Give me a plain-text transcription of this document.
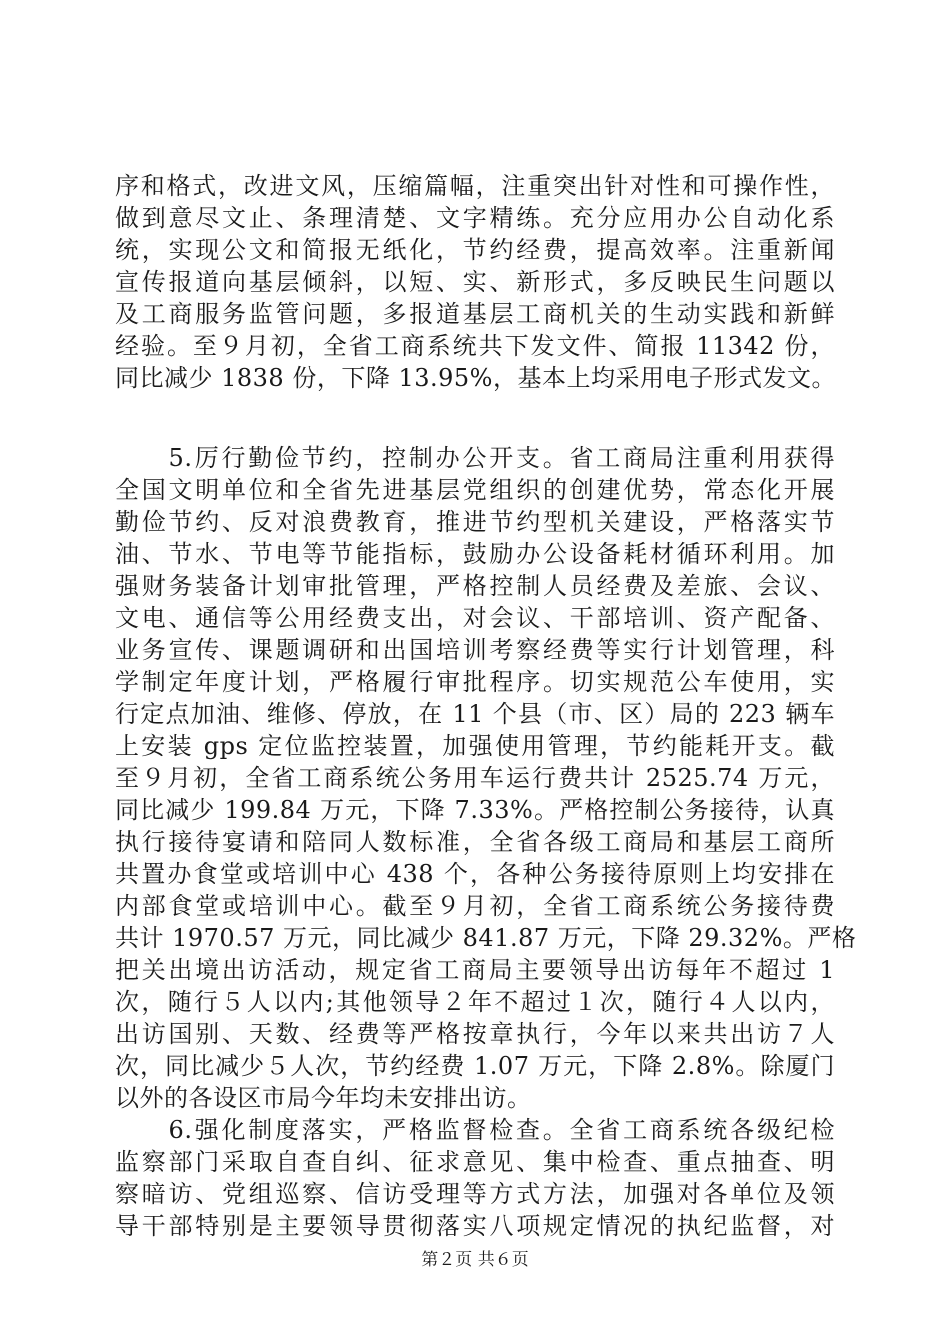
序和格式，改进文风，压缩篇幅，注重突出针对性和可操作性，
做到意尽文止、条理清楚、文字精练。充分应用办公自动化系
统，实现公文和简报无纸化，节约经费，提高效率。注重新闻
宣传报道向基层倾斜，以短、实、新形式，多反映民生问题以
及工商服务监管问题，多报道基层工商机关的生动实践和新鲜
经验。至９月初，全省工商系统共下发文件、简报 11342 份，
同比减少 1838 份，下降 13.95%，基本上均采用电子形式发文。
　　5.厉行勤俭节约，控制办公开支。省工商局注重利用获得
全国文明单位和全省先进基层党组织的创建优势，常态化开展
勤俭节约、反对浪费教育，推进节约型机关建设，严格落实节
油、节水、节电等节能指标，鼓励办公设备耗材循环利用。加
强财务装备计划审批管理，严格控制人员经费及差旅、会议、
文电、通信等公用经费支出，对会议、干部培训、资产配备、
业务宣传、课题调研和出国培训考察经费等实行计划管理，科
学制定年度计划，严格履行审批程序。切实规范公车使用，实
行定点加油、维修、停放，在 11 个县（市、区）局的 223 辆车
上安装 gps 定位监控装置，加强使用管理，节约能耗开支。截
至９月初，全省工商系统公务用车运行费共计 2525.74 万元，
同比减少 199.84 万元，下降 7.33%。严格控制公务接待，认真
执行接待宴请和陪同人数标准，全省各级工商局和基层工商所
共置办食堂或培训中心 438 个，各种公务接待原则上均安排在
内部食堂或培训中心。截至９月初，全省工商系统公务接待费
共计 1970.57 万元，同比减少 841.87 万元，下降 29.32%。严格
把关出境出访活动，规定省工商局主要领导出访每年不超过 1
次，随行５人以内;其他领导２年不超过１次，随行４人以内，
出访国别、天数、经费等严格按章执行，今年以来共出访７人
次，同比减少５人次，节约经费 1.07 万元，下降 2.8%。除厦门
以外的各设区市局今年均未安排出访。
　　6.强化制度落实，严格监督检查。全省工商系统各级纪检
监察部门采取自查自纠、征求意见、集中检查、重点抽查、明
察暗访、党组巡察、信访受理等方式方法，加强对各单位及领
导干部特别是主要领导贯彻落实八项规定情况的执纪监督，对
第２页 共６页
